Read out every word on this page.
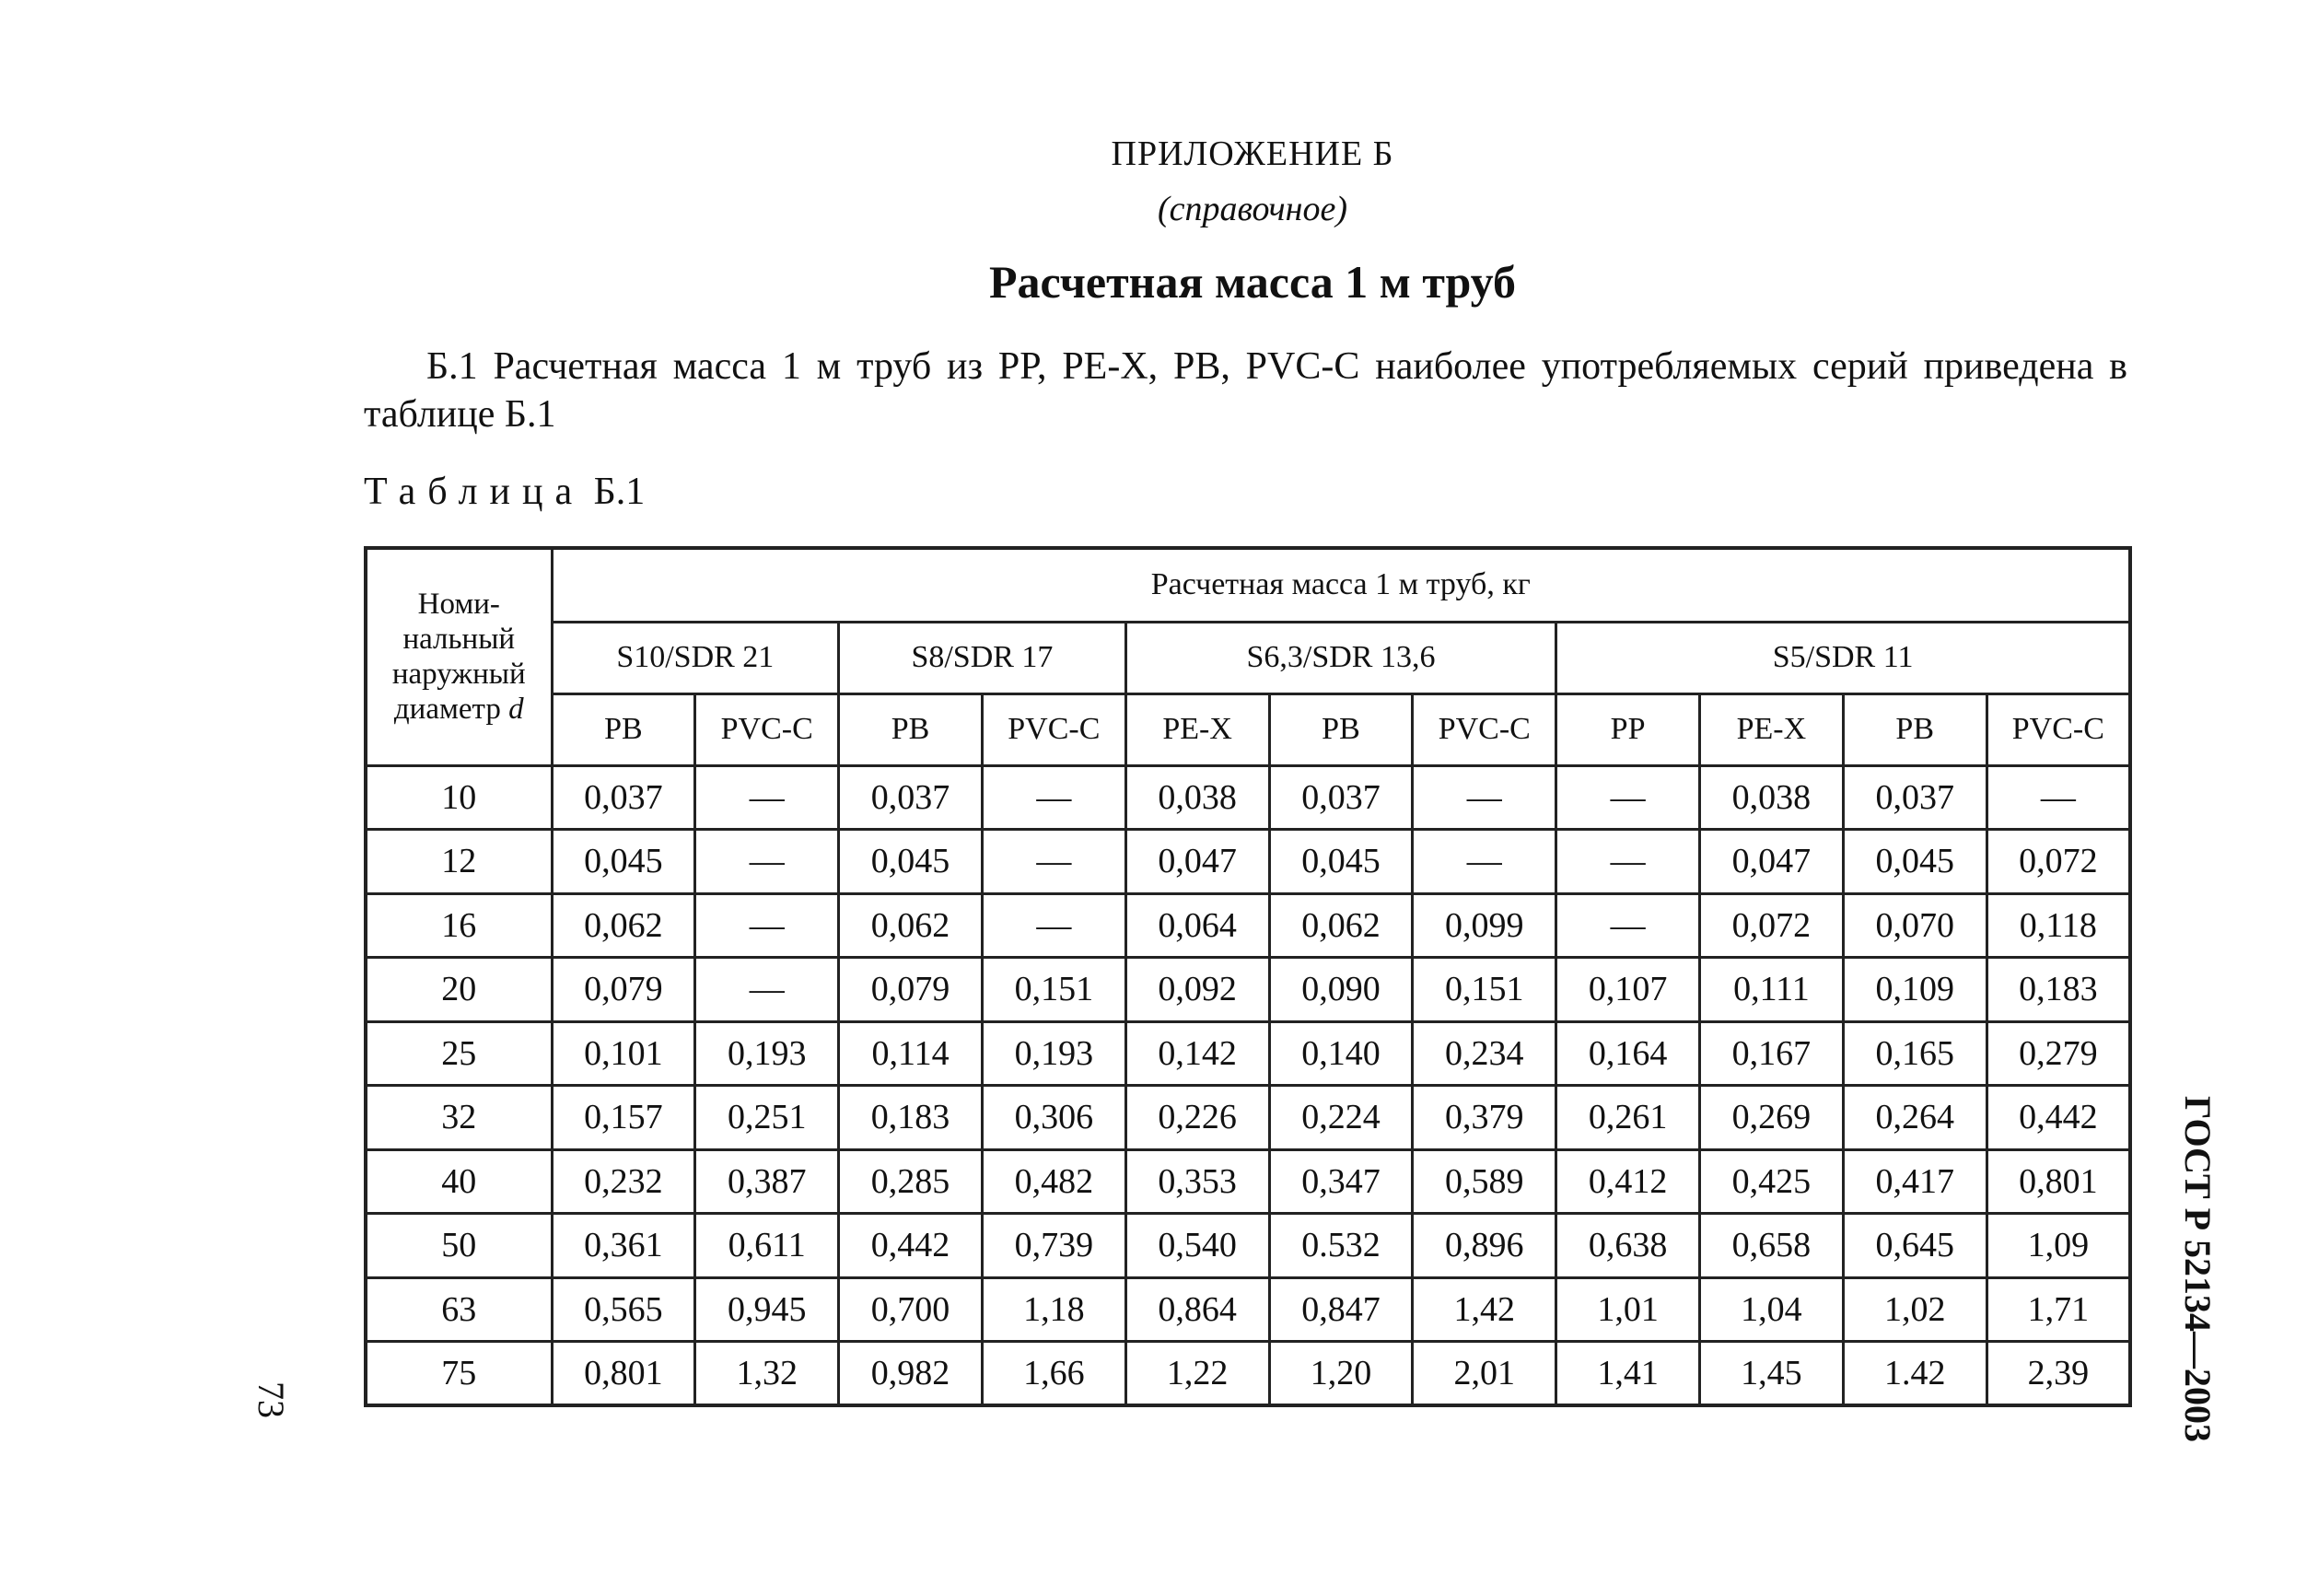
ПРИЛОЖЕНИЕ Б
(справочное)
Расчетная масса 1 м труб
Б.1 Расчетная масса 1 м труб из PP, PE-X, PB, PVC-C наиболее употребляемых серий приведена в таблице Б.1
Таблица Б.1
Номи-
нальный
наружный
диаметр d	Расчетная масса 1 м труб, кг										
	S10/SDR 21		S8/SDR 17		S6,3/SDR 13,6			S5/SDR 11			
	PB	PVC-C	PB	PVC-C	PE-X	PB	PVC-C	PP	PE-X	PB	PVC-C
10	0,037	—	0,037	—	0,038	0,037	—	—	0,038	0,037	—
12	0,045	—	0,045	—	0,047	0,045	—	—	0,047	0,045	0,072
16	0,062	—	0,062	—	0,064	0,062	0,099	—	0,072	0,070	0,118
20	0,079	—	0,079	0,151	0,092	0,090	0,151	0,107	0,111	0,109	0,183
25	0,101	0,193	0,114	0,193	0,142	0,140	0,234	0,164	0,167	0,165	0,279
32	0,157	0,251	0,183	0,306	0,226	0,224	0,379	0,261	0,269	0,264	0,442
40	0,232	0,387	0,285	0,482	0,353	0,347	0,589	0,412	0,425	0,417	0,801
50	0,361	0,611	0,442	0,739	0,540	0.532	0,896	0,638	0,658	0,645	1,09
63	0,565	0,945	0,700	1,18	0,864	0,847	1,42	1,01	1,04	1,02	1,71
75	0,801	1,32	0,982	1,66	1,22	1,20	2,01	1,41	1,45	1.42	2,39	ГОСТ Р 52134—2003
73
